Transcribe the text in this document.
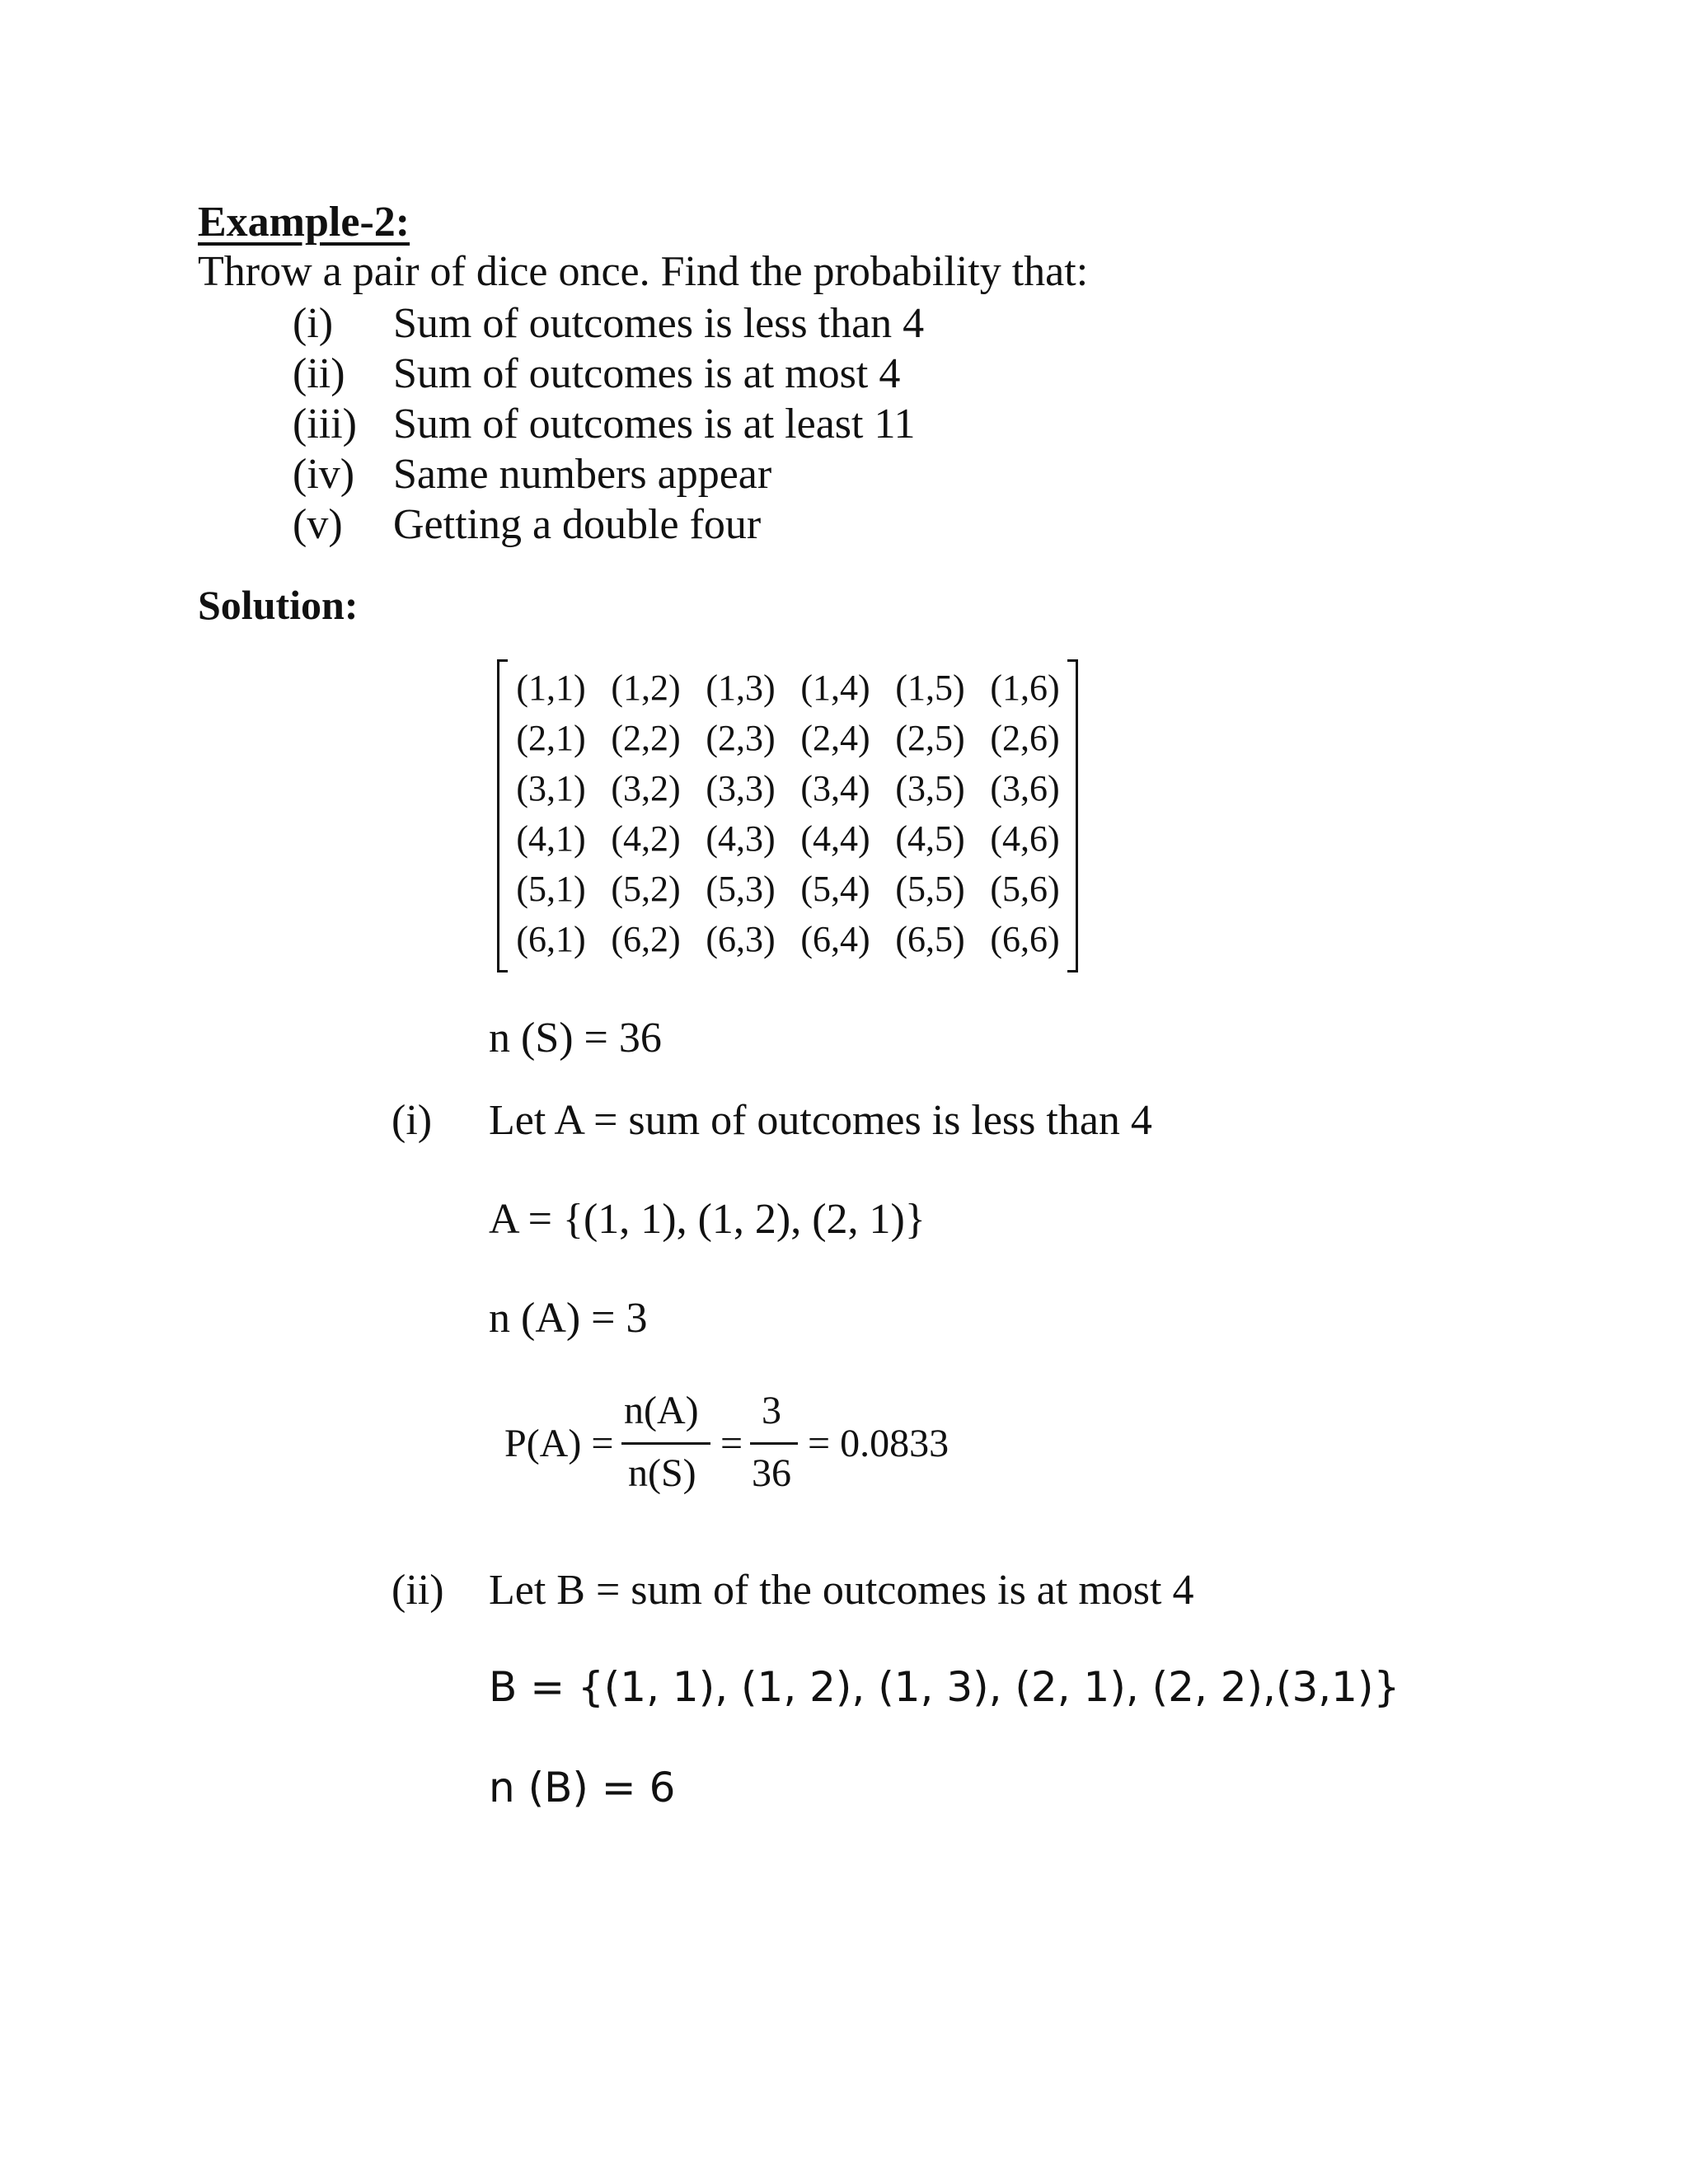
Example-2:
Throw a pair of dice once. Find the probability that:
(i)	Sum of outcomes is less than 4
(ii)	Sum of outcomes is at most 4
(iii) Sum of outcomes is at least 11
(iv) Same numbers appear
(v)	Getting a double four
Solution:
(1,1) (1,2) (1,3) (1,4) (1,5) (1,6)
(2,1) (2,2) (2,3) (2,4) (2,5) (2,6)
(3,1) (3,2) (3,3) (3,4) (3,5) (3,6)
(4,1) (4,2) (4,3) (4,4) (4,5) (4,6)
(5,1) (5,2) (5,3) (5,4) (5,5) (5,6)
(6,1) (6,2) (6,3) (6,4) (6,5) (6,6)
n (S) = 36
(i) Let A = sum of outcomes is less than 4
A = {(1, 1), (1, 2), (2, 1)}
n (A) = 3
P(A) =
n(A)
n(S)
=
3
36
= 0.0833
(ii) Let B = sum of the outcomes is at most 4
B = {(1, 1), (1, 2), (1, 3), (2, 1), (2, 2),(3,1)}
n (B) = 6
